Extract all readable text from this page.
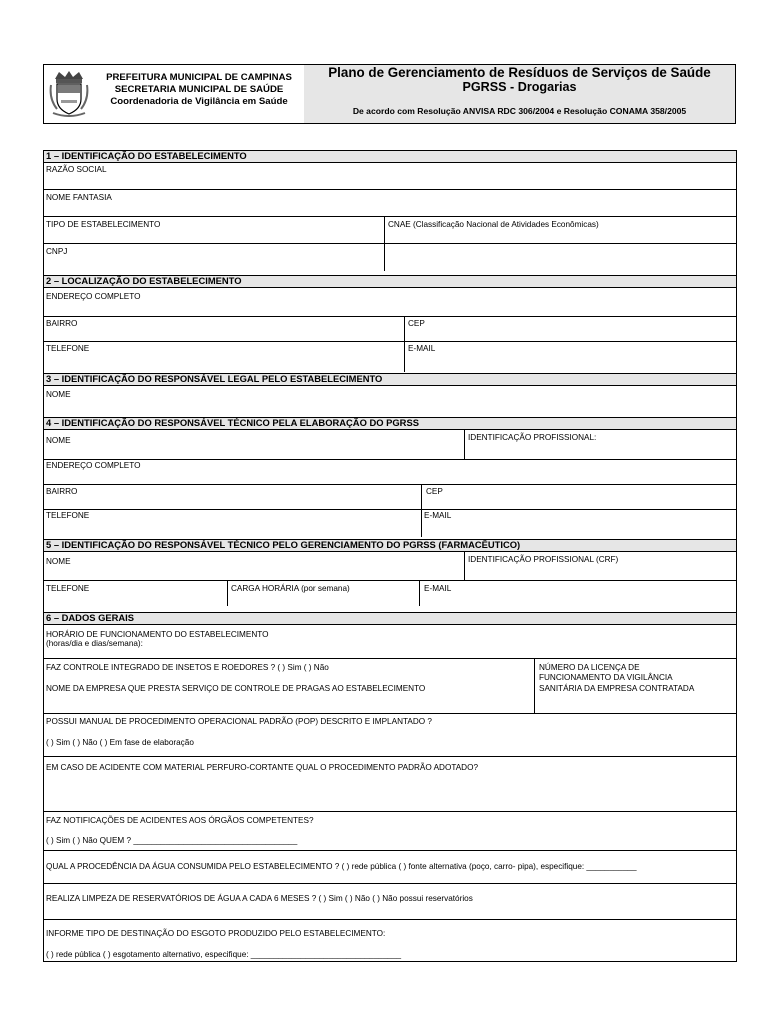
PREFEITURA MUNICIPAL DE CAMPINAS
SECRETARIA MUNICIPAL DE SAÚDE
Coordenadoria de Vigilância em Saúde
Plano de Gerenciamento de Resíduos de Serviços de Saúde
PGRSS - Drogarias
De acordo com Resolução ANVISA RDC 306/2004 e Resolução CONAMA 358/2005
1 – IDENTIFICAÇÃO DO ESTABELECIMENTO
RAZÃO SOCIAL
NOME FANTASIA
TIPO DE ESTABELECIMENTO	CNAE (Classificação Nacional de Atividades Econômicas)
CNPJ
2 – LOCALIZAÇÃO DO ESTABELECIMENTO
ENDEREÇO COMPLETO
BAIRRO	CEP
TELEFONE	E-MAIL
3 – IDENTIFICAÇÃO DO RESPONSÁVEL LEGAL PELO ESTABELECIMENTO
NOME
4 – IDENTIFICAÇÃO DO RESPONSÁVEL TÉCNICO PELA ELABORAÇÃO DO PGRSS
NOME	IDENTIFICAÇÃO PROFISSIONAL:
ENDEREÇO COMPLETO
BAIRRO	CEP
TELEFONE	E-MAIL
5 – IDENTIFICAÇÃO DO RESPONSÁVEL TÉCNICO PELO GERENCIAMENTO DO PGRSS (FARMACÊUTICO)
NOME	IDENTIFICAÇÃO PROFISSIONAL (CRF)
TELEFONE	CARGA HORÁRIA (por semana)	E-MAIL
6 – DADOS GERAIS
HORÁRIO DE FUNCIONAMENTO DO ESTABELECIMENTO
(horas/dia e dias/semana):
FAZ CONTROLE INTEGRADO DE INSETOS E ROEDORES ? ( ) Sim ( ) Não
NOME DA EMPRESA QUE PRESTA SERVIÇO DE CONTROLE DE PRAGAS AO ESTABELECIMENTO
NÚMERO DA LICENÇA DE
FUNCIONAMENTO DA VIGILÂNCIA
SANITÁRIA DA EMPRESA CONTRATADA
POSSUI MANUAL DE PROCEDIMENTO OPERACIONAL PADRÃO (POP) DESCRITO E IMPLANTADO ?
( ) Sim ( ) Não ( ) Em fase de elaboração
EM CASO DE ACIDENTE COM MATERIAL PERFURO-CORTANTE QUAL O PROCEDIMENTO PADRÃO ADOTADO?
FAZ NOTIFICAÇÕES DE ACIDENTES AOS ÓRGÃOS COMPETENTES?
( ) Sim ( ) Não QUEM ? ____________________________________
QUAL A PROCEDÊNCIA DA ÁGUA CONSUMIDA PELO ESTABELECIMENTO ? ( ) rede pública ( ) fonte alternativa (poço, carro- pipa), especifique: ___________
REALIZA LIMPEZA DE RESERVATÓRIOS DE ÁGUA A CADA 6 MESES ? ( ) Sim ( ) Não ( ) Não possui reservatórios
INFORME TIPO DE DESTINAÇÃO DO ESGOTO PRODUZIDO PELO ESTABELECIMENTO:
( ) rede pública ( ) esgotamento alternativo, especifique: _________________________________
